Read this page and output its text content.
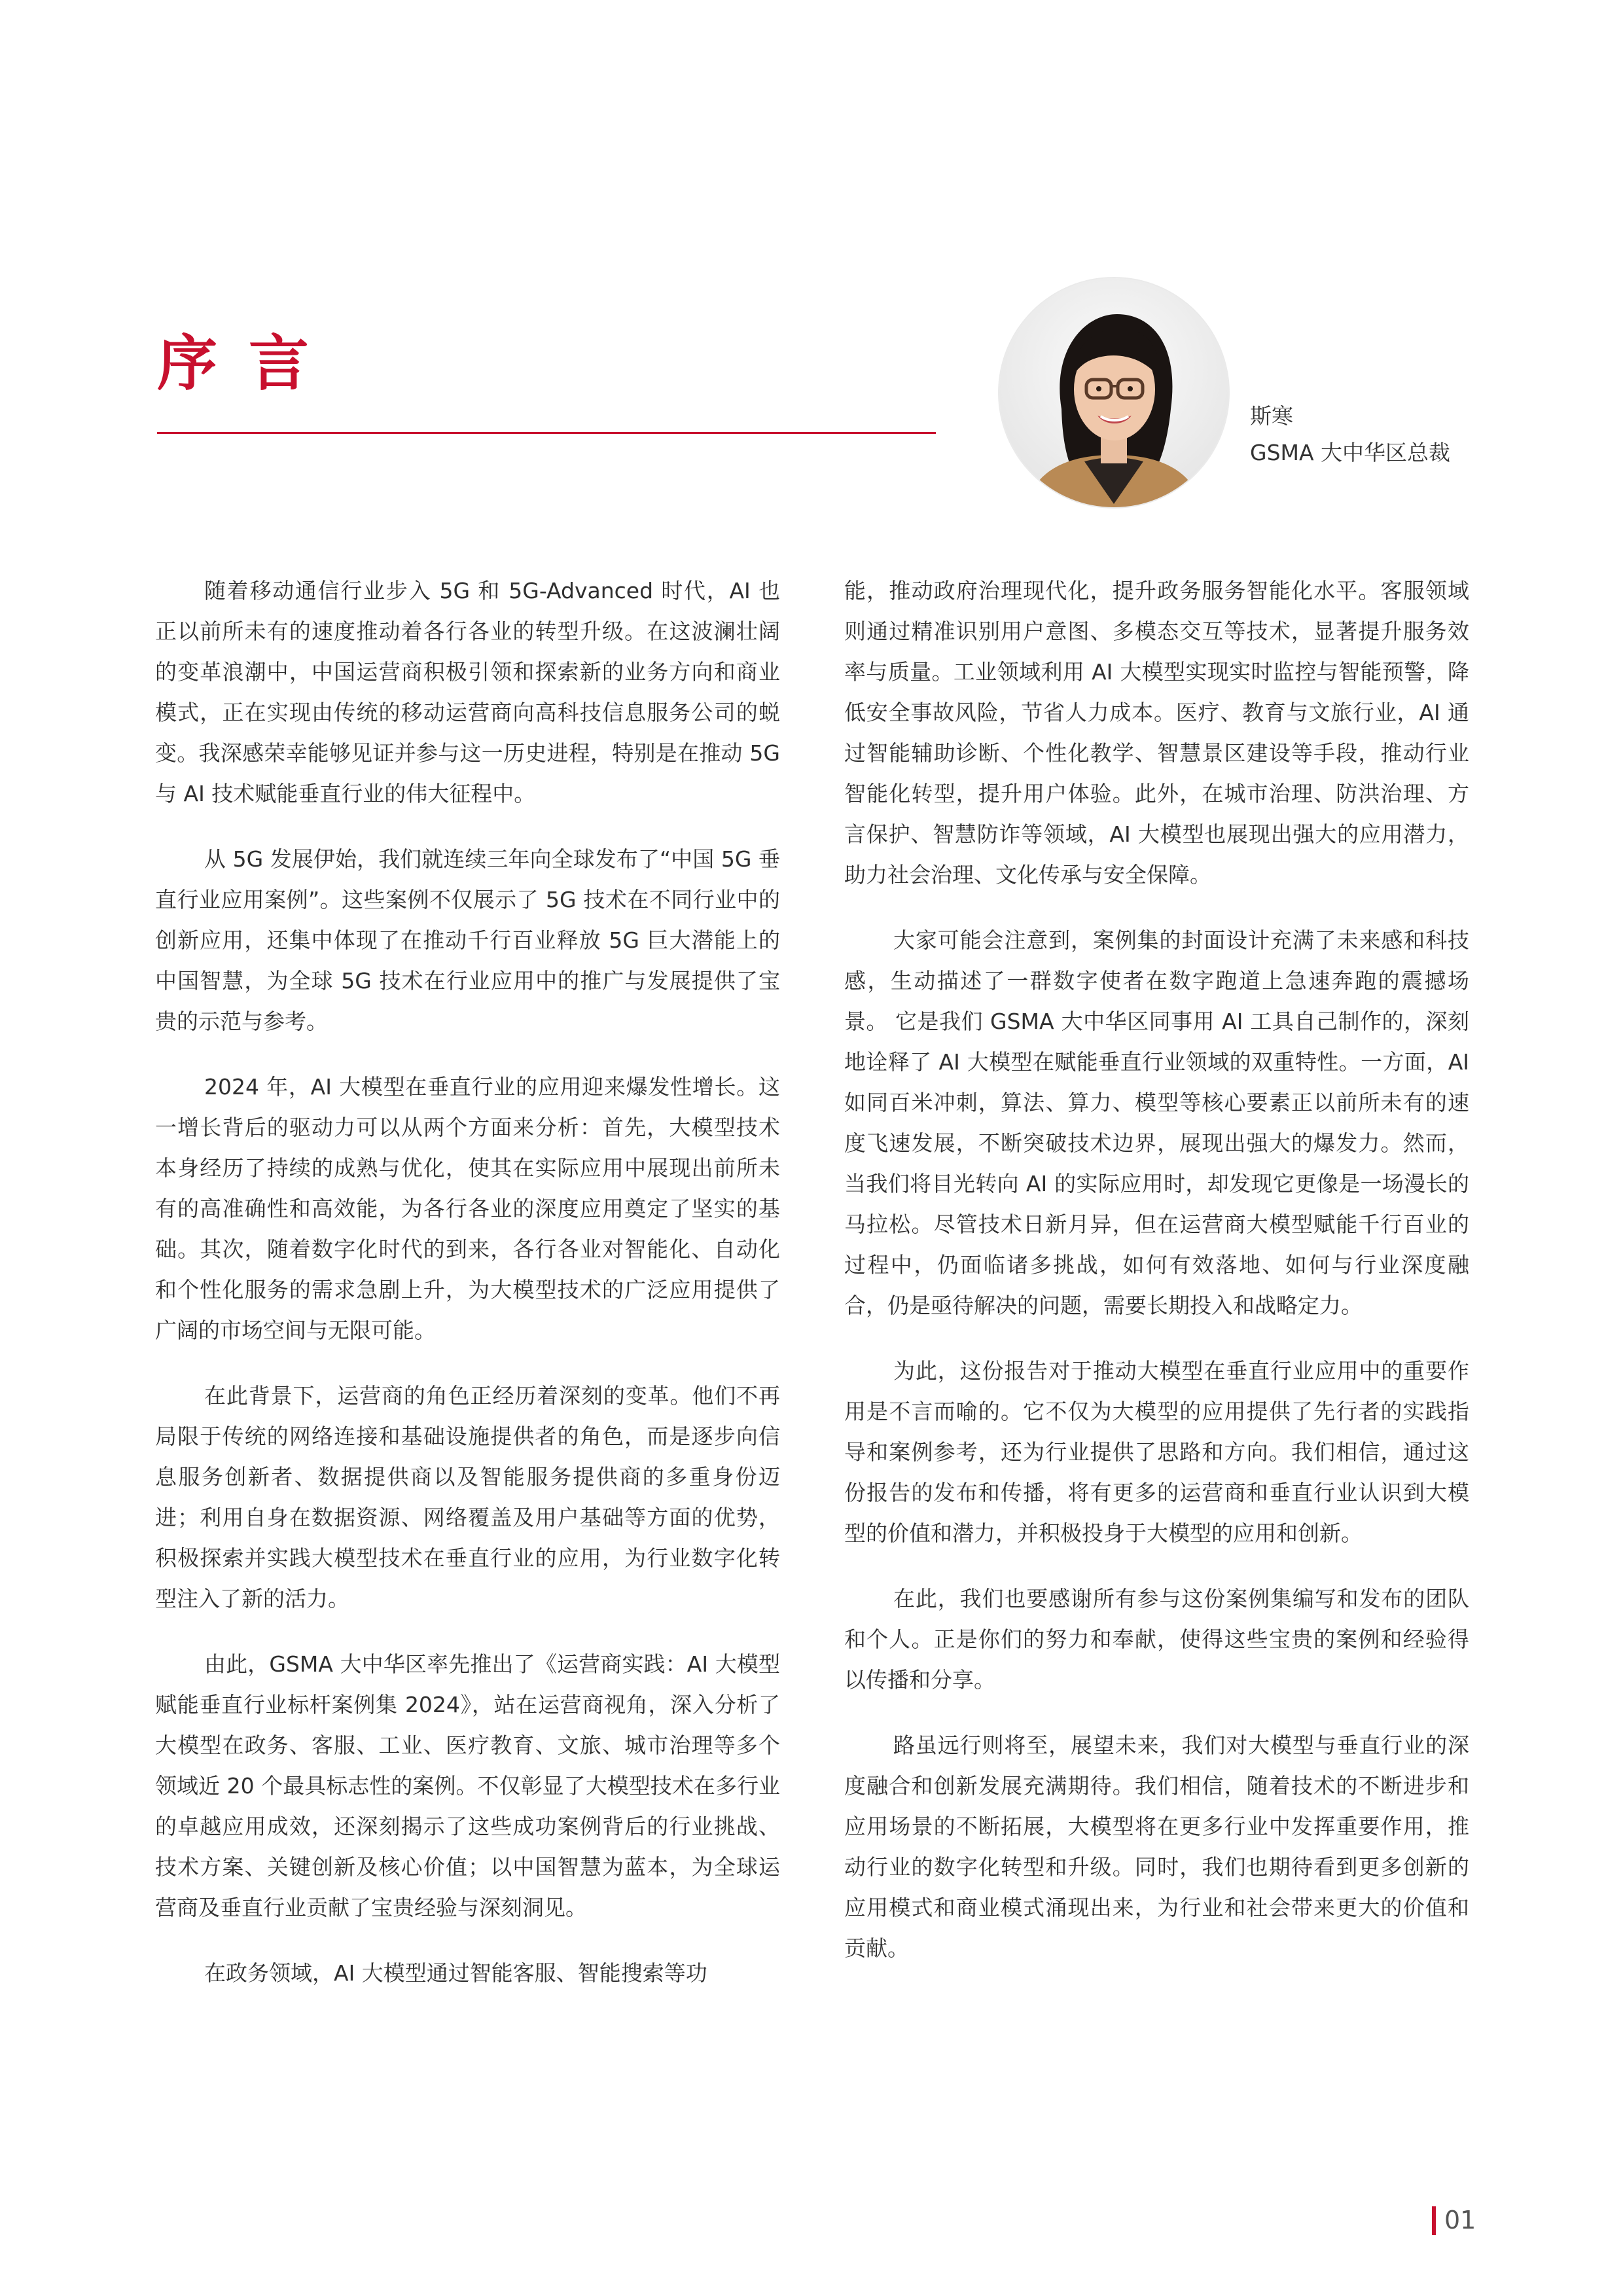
序言
斯寒
GSMA 大中华区总裁

随着移动通信行业步入 5G 和 5G-Advanced 时代，AI 也正以前所未有的速度推动着各行各业的转型升级。在这波澜壮阔的变革浪潮中，中国运营商积极引领和探索新的业务方向和商业模式，正在实现由传统的移动运营商向高科技信息服务公司的蜕变。我深感荣幸能够见证并参与这一历史进程，特别是在推动 5G 与 AI 技术赋能垂直行业的伟大征程中。

从 5G 发展伊始，我们就连续三年向全球发布了“中国 5G 垂直行业应用案例”。这些案例不仅展示了 5G 技术在不同行业中的创新应用，还集中体现了在推动千行百业释放 5G 巨大潜能上的中国智慧，为全球 5G 技术在行业应用中的推广与发展提供了宝贵的示范与参考。

2024 年，AI 大模型在垂直行业的应用迎来爆发性增长。这一增长背后的驱动力可以从两个方面来分析：首先，大模型技术本身经历了持续的成熟与优化，使其在实际应用中展现出前所未有的高准确性和高效能，为各行各业的深度应用奠定了坚实的基础。其次，随着数字化时代的到来，各行各业对智能化、自动化和个性化服务的需求急剧上升，为大模型技术的广泛应用提供了广阔的市场空间与无限可能。

在此背景下，运营商的角色正经历着深刻的变革。他们不再局限于传统的网络连接和基础设施提供者的角色，而是逐步向信息服务创新者、数据提供商以及智能服务提供商的多重身份迈进；利用自身在数据资源、网络覆盖及用户基础等方面的优势，积极探索并实践大模型技术在垂直行业的应用，为行业数字化转型注入了新的活力。

由此，GSMA 大中华区率先推出了《运营商实践：AI 大模型赋能垂直行业标杆案例集 2024》，站在运营商视角，深入分析了大模型在政务、客服、工业、医疗教育、文旅、城市治理等多个领域近 20 个最具标志性的案例。不仅彰显了大模型技术在多行业的卓越应用成效，还深刻揭示了这些成功案例背后的行业挑战、技术方案、关键创新及核心价值；以中国智慧为蓝本，为全球运营商及垂直行业贡献了宝贵经验与深刻洞见。

在政务领域，AI 大模型通过智能客服、智能搜索等功

能，推动政府治理现代化，提升政务服务智能化水平。客服领域则通过精准识别用户意图、多模态交互等技术，显著提升服务效率与质量。工业领域利用 AI 大模型实现实时监控与智能预警，降低安全事故风险，节省人力成本。医疗、教育与文旅行业，AI 通过智能辅助诊断、个性化教学、智慧景区建设等手段，推动行业智能化转型，提升用户体验。此外，在城市治理、防洪治理、方言保护、智慧防诈等领域，AI 大模型也展现出强大的应用潜力，助力社会治理、文化传承与安全保障。

大家可能会注意到，案例集的封面设计充满了未来感和科技感，生动描述了一群数字使者在数字跑道上急速奔跑的震撼场景。 它是我们 GSMA 大中华区同事用 AI 工具自己制作的，深刻地诠释了 AI 大模型在赋能垂直行业领域的双重特性。一方面，AI 如同百米冲刺，算法、算力、模型等核心要素正以前所未有的速度飞速发展，不断突破技术边界，展现出强大的爆发力。然而，当我们将目光转向 AI 的实际应用时，却发现它更像是一场漫长的马拉松。尽管技术日新月异，但在运营商大模型赋能千行百业的过程中，仍面临诸多挑战，如何有效落地、如何与行业深度融合，仍是亟待解决的问题，需要长期投入和战略定力。

为此，这份报告对于推动大模型在垂直行业应用中的重要作用是不言而喻的。它不仅为大模型的应用提供了先行者的实践指导和案例参考，还为行业提供了思路和方向。我们相信，通过这份报告的发布和传播，将有更多的运营商和垂直行业认识到大模型的价值和潜力，并积极投身于大模型的应用和创新。

在此，我们也要感谢所有参与这份案例集编写和发布的团队和个人。正是你们的努力和奉献，使得这些宝贵的案例和经验得以传播和分享。

路虽远行则将至，展望未来，我们对大模型与垂直行业的深度融合和创新发展充满期待。我们相信，随着技术的不断进步和应用场景的不断拓展，大模型将在更多行业中发挥重要作用，推动行业的数字化转型和升级。同时，我们也期待看到更多创新的应用模式和商业模式涌现出来，为行业和社会带来更大的价值和贡献。

01
